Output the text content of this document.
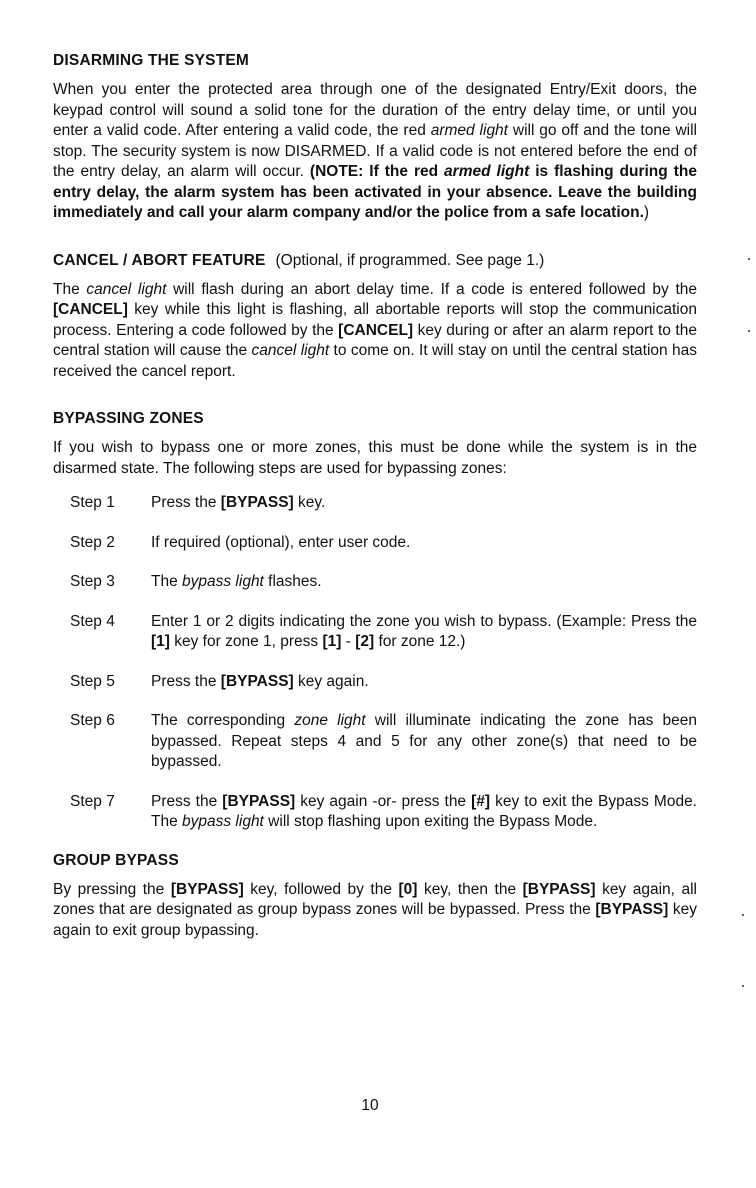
DISARMING THE SYSTEM

When you enter the protected area through one of the designated Entry/Exit doors, the keypad control will sound a solid tone for the duration of the entry delay time, or until you enter a valid code. After entering a valid code, the red armed light will go off and the tone will stop. The security system is now DISARMED. If a valid code is not entered before the end of the entry delay, an alarm will occur. (NOTE: If the red armed light is flashing during the entry delay, the alarm system has been activated in your absence. Leave the building immediately and call your alarm company and/or the police from a safe location.)

CANCEL / ABORT FEATURE (Optional, if programmed. See page 1.)

The cancel light will flash during an abort delay time. If a code is entered followed by the [CANCEL] key while this light is flashing, all abortable reports will stop the communication process. Entering a code followed by the [CANCEL] key during or after an alarm report to the central station will cause the cancel light to come on. It will stay on until the central station has received the cancel report.

BYPASSING ZONES

If you wish to bypass one or more zones, this must be done while the system is in the disarmed state. The following steps are used for bypassing zones:

Step 1	Press the [BYPASS] key.
Step 2	If required (optional), enter user code.
Step 3	The bypass light flashes.
Step 4	Enter 1 or 2 digits indicating the zone you wish to bypass. (Example: Press the [1] key for zone 1, press [1] - [2] for zone 12.)
Step 5	Press the [BYPASS] key again.
Step 6	The corresponding zone light will illuminate indicating the zone has been bypassed. Repeat steps 4 and 5 for any other zone(s) that need to be bypassed.
Step 7	Press the [BYPASS] key again -or- press the [#] key to exit the Bypass Mode. The bypass light will stop flashing upon exiting the Bypass Mode.
GROUP BYPASS

By pressing the [BYPASS] key, followed by the [0] key, then the [BYPASS] key again, all zones that are designated as group bypass zones will be bypassed. Press the [BYPASS] key again to exit group bypassing.

10
